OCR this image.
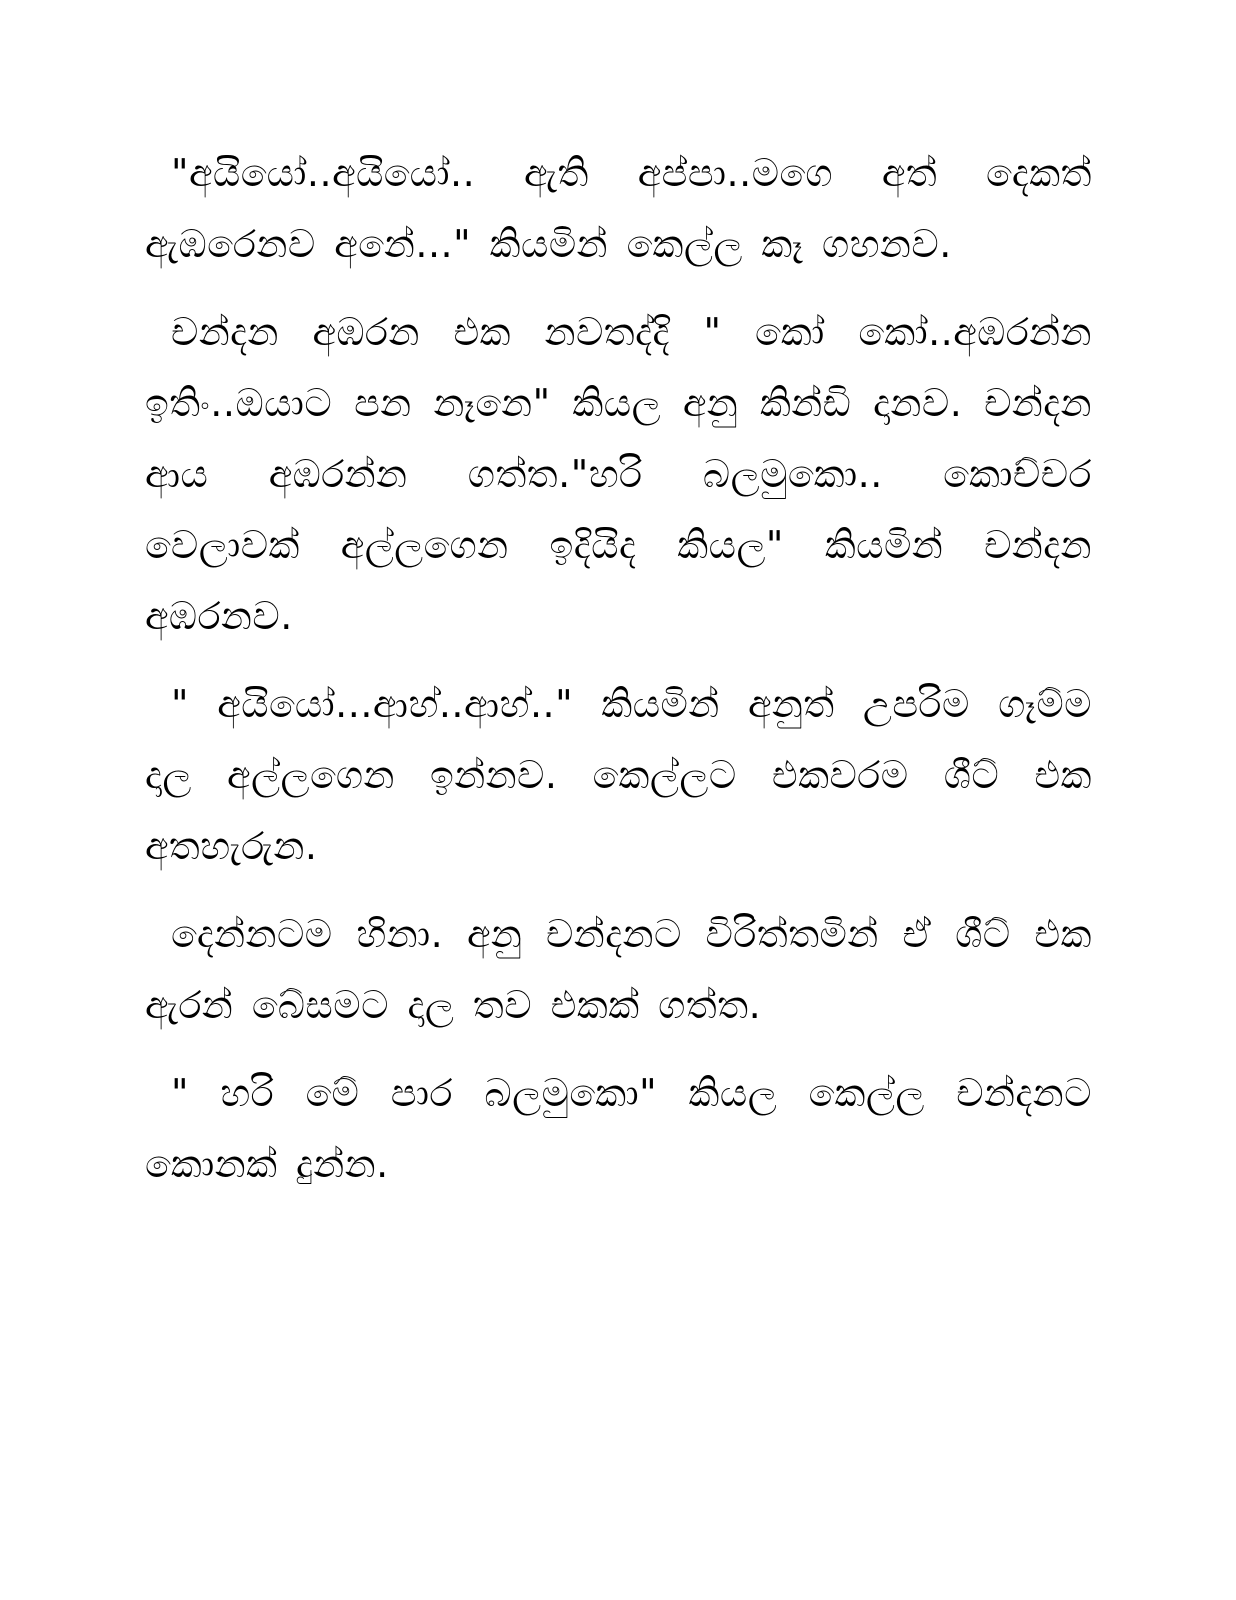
"අයියෝ..අයියෝ.. ඇති අප්පා..මගෙ අත් දෙකත් ඇඹරෙනව අනේ..." කියමින් කෙල්ල කෑ ගහනව.

චන්දන අඹරන එක නවතද්දි " කෝ කෝ..අඹරන්න ඉතිං..ඔයාට පන නෑනෙ" කියල අනු කින්ඩි දානව. චන්දන ආය අඹරන්න ගත්ත."හරි බලමුකො.. කොච්චර වෙලාවක් අල්ලගෙන ඉදියිද කියල" කියමින් චන්දන අඹරනව.

" අයියෝ...ආහ්..ආහ්.." කියමින් අනුත් උපරිම ගෑම්ම දාල අල්ලගෙන ඉන්නව. කෙල්ලට එකවරම ශීට් එක අතහැරුන.

දෙන්නටම හිනා. අනු චන්දනට විරිත්තමින් ඒ ශීට් එක ඇරන් බේසමට දාල තව එකක් ගත්ත.

" හරි මේ පාර බලමුකො" කියල කෙල්ල චන්දනට කොනක් දුන්න.
